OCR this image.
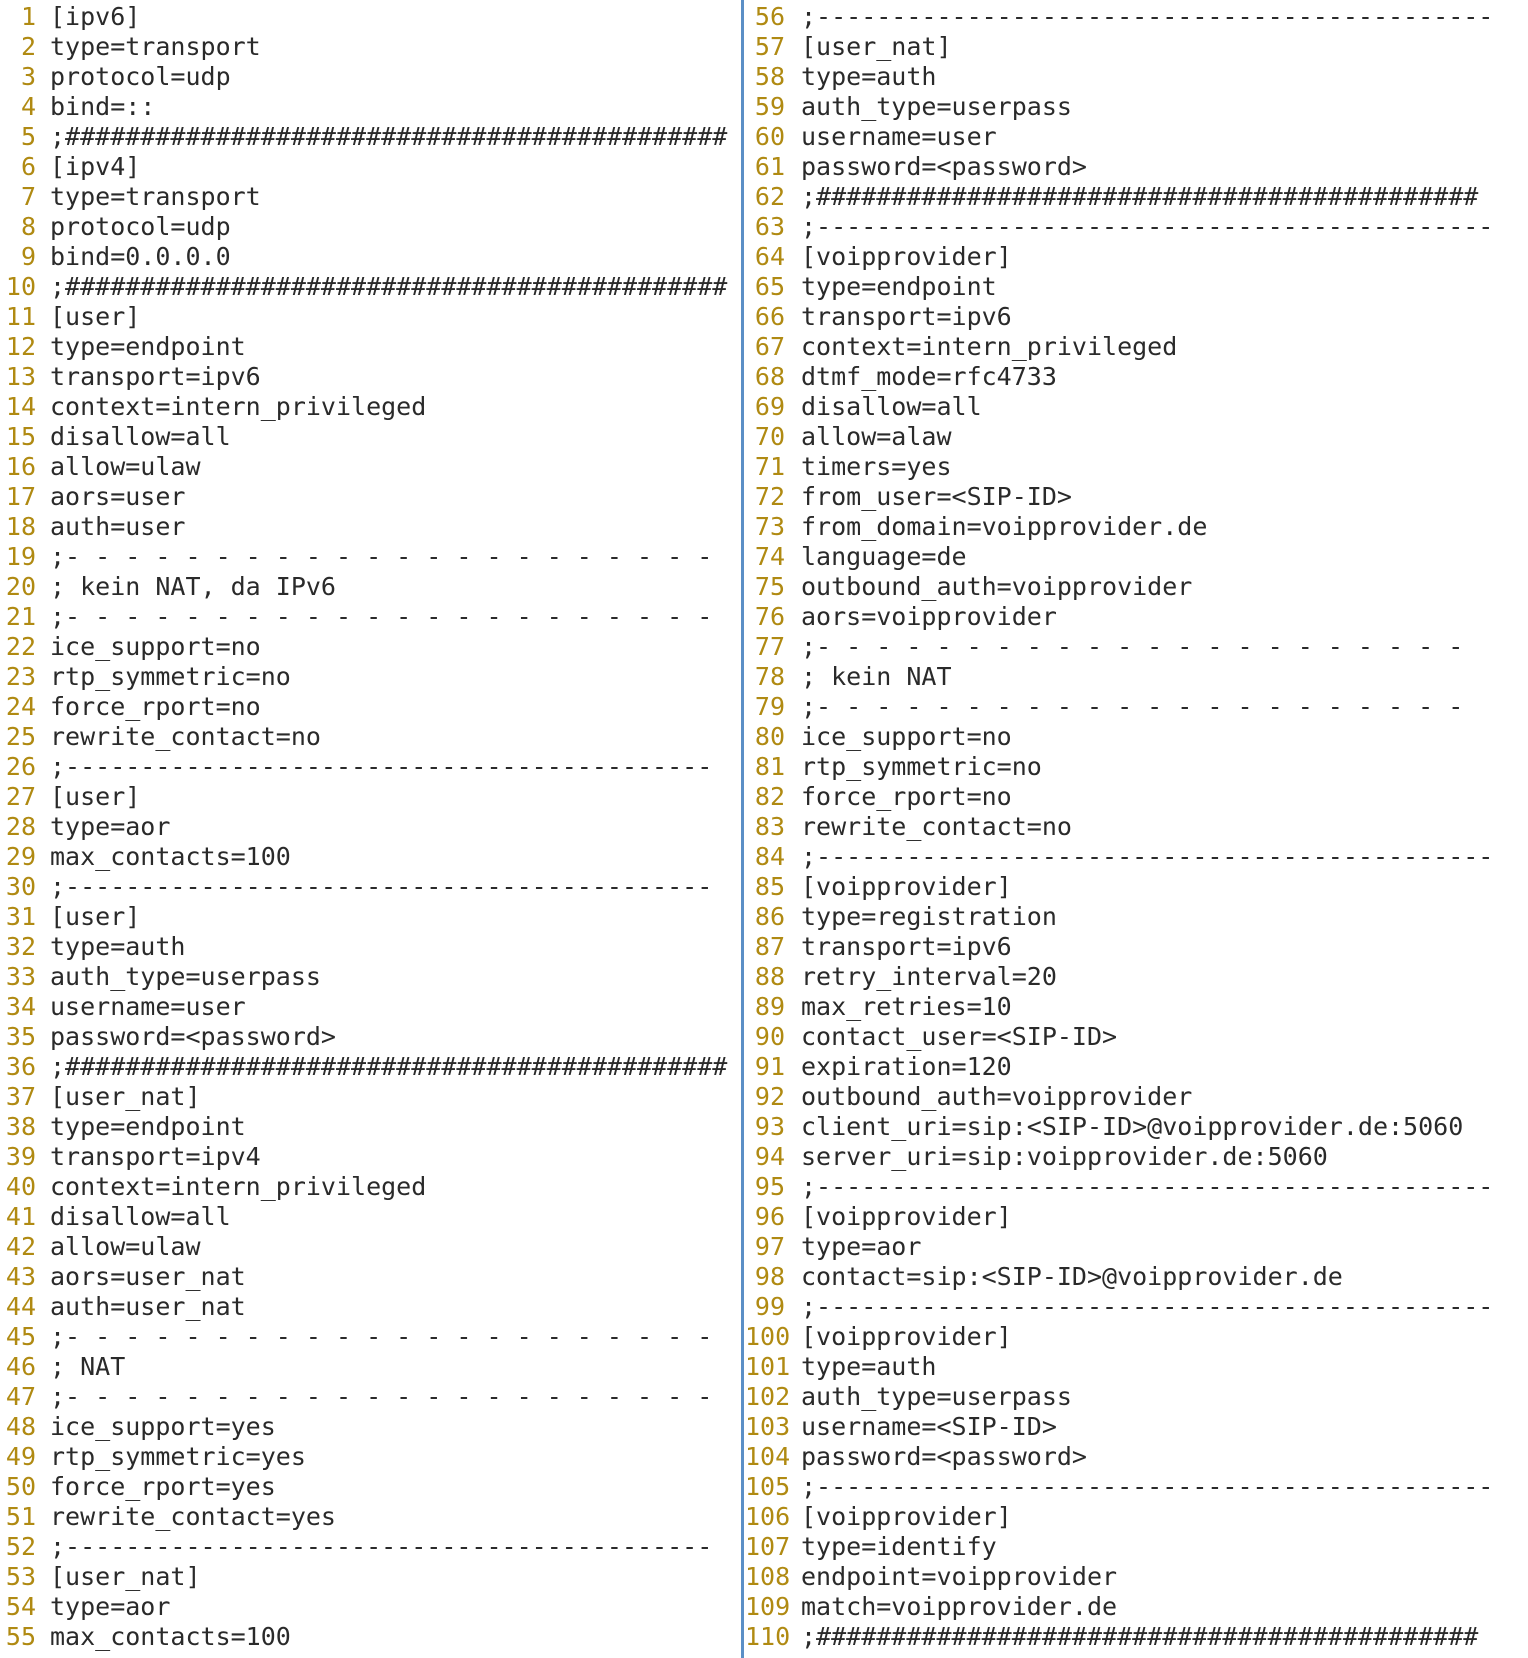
1 [ipv6]
2 type=transport
3 protocol=udp
4 bind=::
5 ;############################################
6 [ipv4]
7 type=transport
8 protocol=udp
9 bind=0.0.0.0
10 ;############################################
11 [user]
12 type=endpoint
13 transport=ipv6
14 context=intern_privileged
15 disallow=all
16 allow=ulaw
17 aors=user
18 auth=user
19 ;- - - - - - - - - - - - - - - - - - - - - -
20 ; kein NAT, da IPv6
21 ;- - - - - - - - - - - - - - - - - - - - - -
22 ice_support=no
23 rtp_symmetric=no
24 force_rport=no
25 rewrite_contact=no
26 ;-------------------------------------------
27 [user]
28 type=aor
29 max_contacts=100
30 ;-------------------------------------------
31 [user]
32 type=auth
33 auth_type=userpass
34 username=user
35 password=<password>
36 ;############################################
37 [user_nat]
38 type=endpoint
39 transport=ipv4
40 context=intern_privileged
41 disallow=all
42 allow=ulaw
43 aors=user_nat
44 auth=user_nat
45 ;- - - - - - - - - - - - - - - - - - - - - -
46 ; NAT
47 ;- - - - - - - - - - - - - - - - - - - - - -
48 ice_support=yes
49 rtp_symmetric=yes
50 force_rport=yes
51 rewrite_contact=yes
52 ;-------------------------------------------
53 [user_nat]
54 type=aor
55 max_contacts=100
56 ;---------------------------------------------
57 [user_nat]
58 type=auth
59 auth_type=userpass
60 username=user
61 password=<password>
62 ;############################################
63 ;---------------------------------------------
64 [voipprovider]
65 type=endpoint
66 transport=ipv6
67 context=intern_privileged
68 dtmf_mode=rfc4733
69 disallow=all
70 allow=alaw
71 timers=yes
72 from_user=<SIP-ID>
73 from_domain=voipprovider.de
74 language=de
75 outbound_auth=voipprovider
76 aors=voipprovider
77 ;- - - - - - - - - - - - - - - - - - - - - -
78 ; kein NAT
79 ;- - - - - - - - - - - - - - - - - - - - - -
80 ice_support=no
81 rtp_symmetric=no
82 force_rport=no
83 rewrite_contact=no
84 ;---------------------------------------------
85 [voipprovider]
86 type=registration
87 transport=ipv6
88 retry_interval=20
89 max_retries=10
90 contact_user=<SIP-ID>
91 expiration=120
92 outbound_auth=voipprovider
93 client_uri=sip:<SIP-ID>@voipprovider.de:5060
94 server_uri=sip:voipprovider.de:5060
95 ;---------------------------------------------
96 [voipprovider]
97 type=aor
98 contact=sip:<SIP-ID>@voipprovider.de
99 ;---------------------------------------------
100 [voipprovider]
101 type=auth
102 auth_type=userpass
103 username=<SIP-ID>
104 password=<password>
105 ;---------------------------------------------
106 [voipprovider]
107 type=identify
108 endpoint=voipprovider
109 match=voipprovider.de
110 ;############################################
